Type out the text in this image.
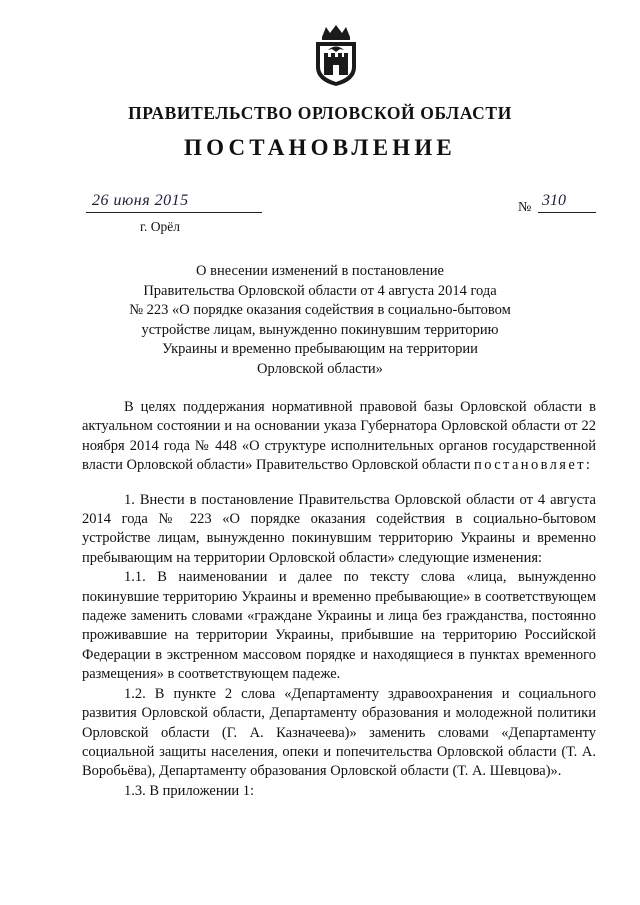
ПРАВИТЕЛЬСТВО ОРЛОВСКОЙ ОБЛАСТИ
ПОСТАНОВЛЕНИЕ
26 июня 2015	№ 310
г. Орёл
О внесении изменений в постановление
Правительства Орловской области от 4 августа 2014 года
№ 223 «О порядке оказания содействия в социально-бытовом
устройстве лицам, вынужденно покинувшим территорию
Украины и временно пребывающим на территории
Орловской области»

В целях поддержания нормативной правовой базы Орловской области в актуальном состоянии и на основании указа Губернатора Орловской области от 22 ноября 2014 года № 448 «О структуре исполнительных органов государственной власти Орловской области» Правительство Орловской области постановляет:

1. Внести в постановление Правительства Орловской области от 4 августа 2014 года № 223 «О порядке оказания содействия в социально-бытовом устройстве лицам, вынужденно покинувшим территорию Украины и временно пребывающим на территории Орловской области» следующие изменения:

1.1. В наименовании и далее по тексту слова «лица, вынужденно покинувшие территорию Украины и временно пребывающие» в соответствующем падеже заменить словами «граждане Украины и лица без гражданства, постоянно проживавшие на территории Украины, прибывшие на территорию Российской Федерации в экстренном массовом порядке и находящиеся в пунктах временного размещения» в соответствующем падеже.

1.2. В пункте 2 слова «Департаменту здравоохранения и социального развития Орловской области, Департаменту образования и молодежной политики Орловской области (Г. А. Казначеева)» заменить словами «Департаменту социальной защиты населения, опеки и попечительства Орловской области (Т. А. Воробьёва), Департаменту образования Орловской области (Т. А. Шевцова)».

1.3. В приложении 1:
